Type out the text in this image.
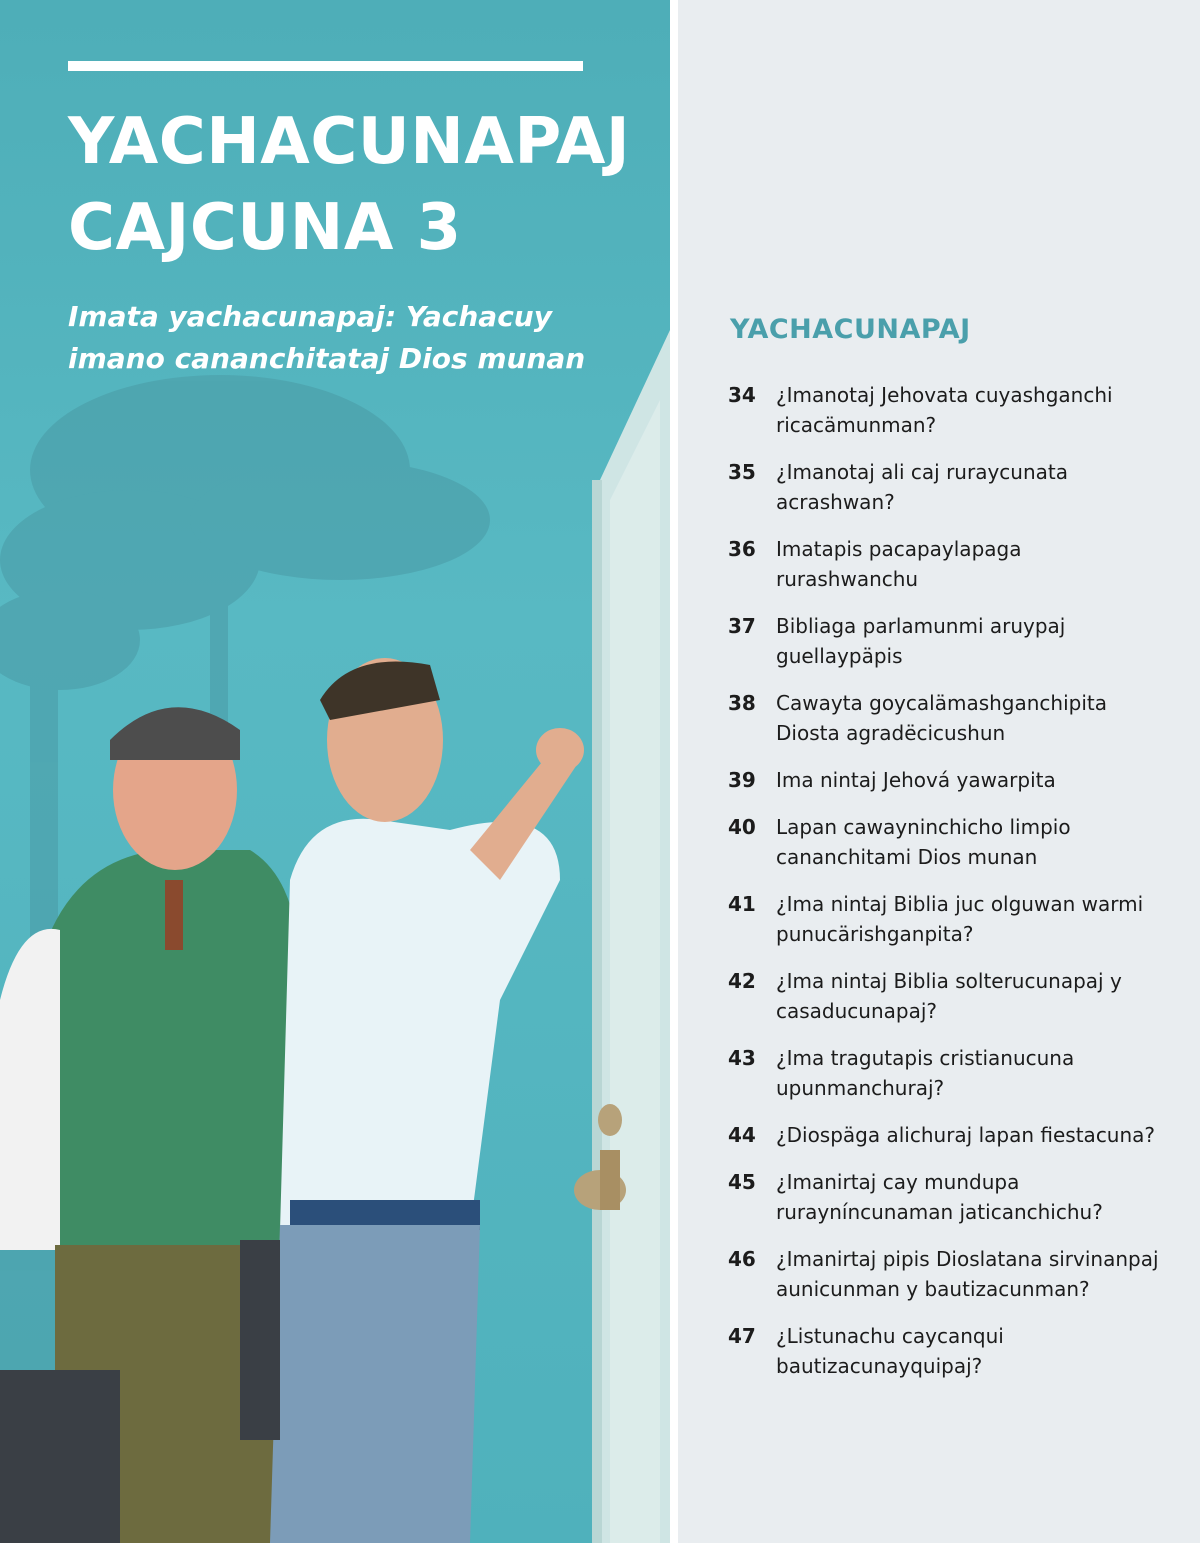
YACHACUNAPAJ
CAJCUNA 3
Imata yachacunapaj: Yachacuy
imano cananchitataj Dios munan
YACHACUNAPAJ
34	¿Imanotaj Jehovata cuyashganchi ricacämunman?
35	¿Imanotaj ali caj ruraycunata acrashwan?
36	Imatapis pacapaylapaga rurashwanchu
37	Bibliaga parlamunmi aruypaj guellaypäpis
38	Cawayta goycalämashganchipita Diosta agradëcicushun
39	Ima nintaj Jehová yawarpita
40	Lapan cawayninchicho limpio cananchitami Dios munan
41	¿Ima nintaj Biblia juc olguwan warmi punucärishganpita?
42	¿Ima nintaj Biblia solterucunapaj y casaducunapaj?
43	¿Ima tragutapis cristianucuna upunmanchuraj?
44	¿Diospäga alichuraj lapan fiestacuna?
45	¿Imanirtaj cay mundupa rurayníncunaman jaticanchichu?
46	¿Imanirtaj pipis Dioslatana sirvinanpaj aunicunman y bautizacunman?
47	¿Listunachu caycanqui bautizacunayquipaj?
